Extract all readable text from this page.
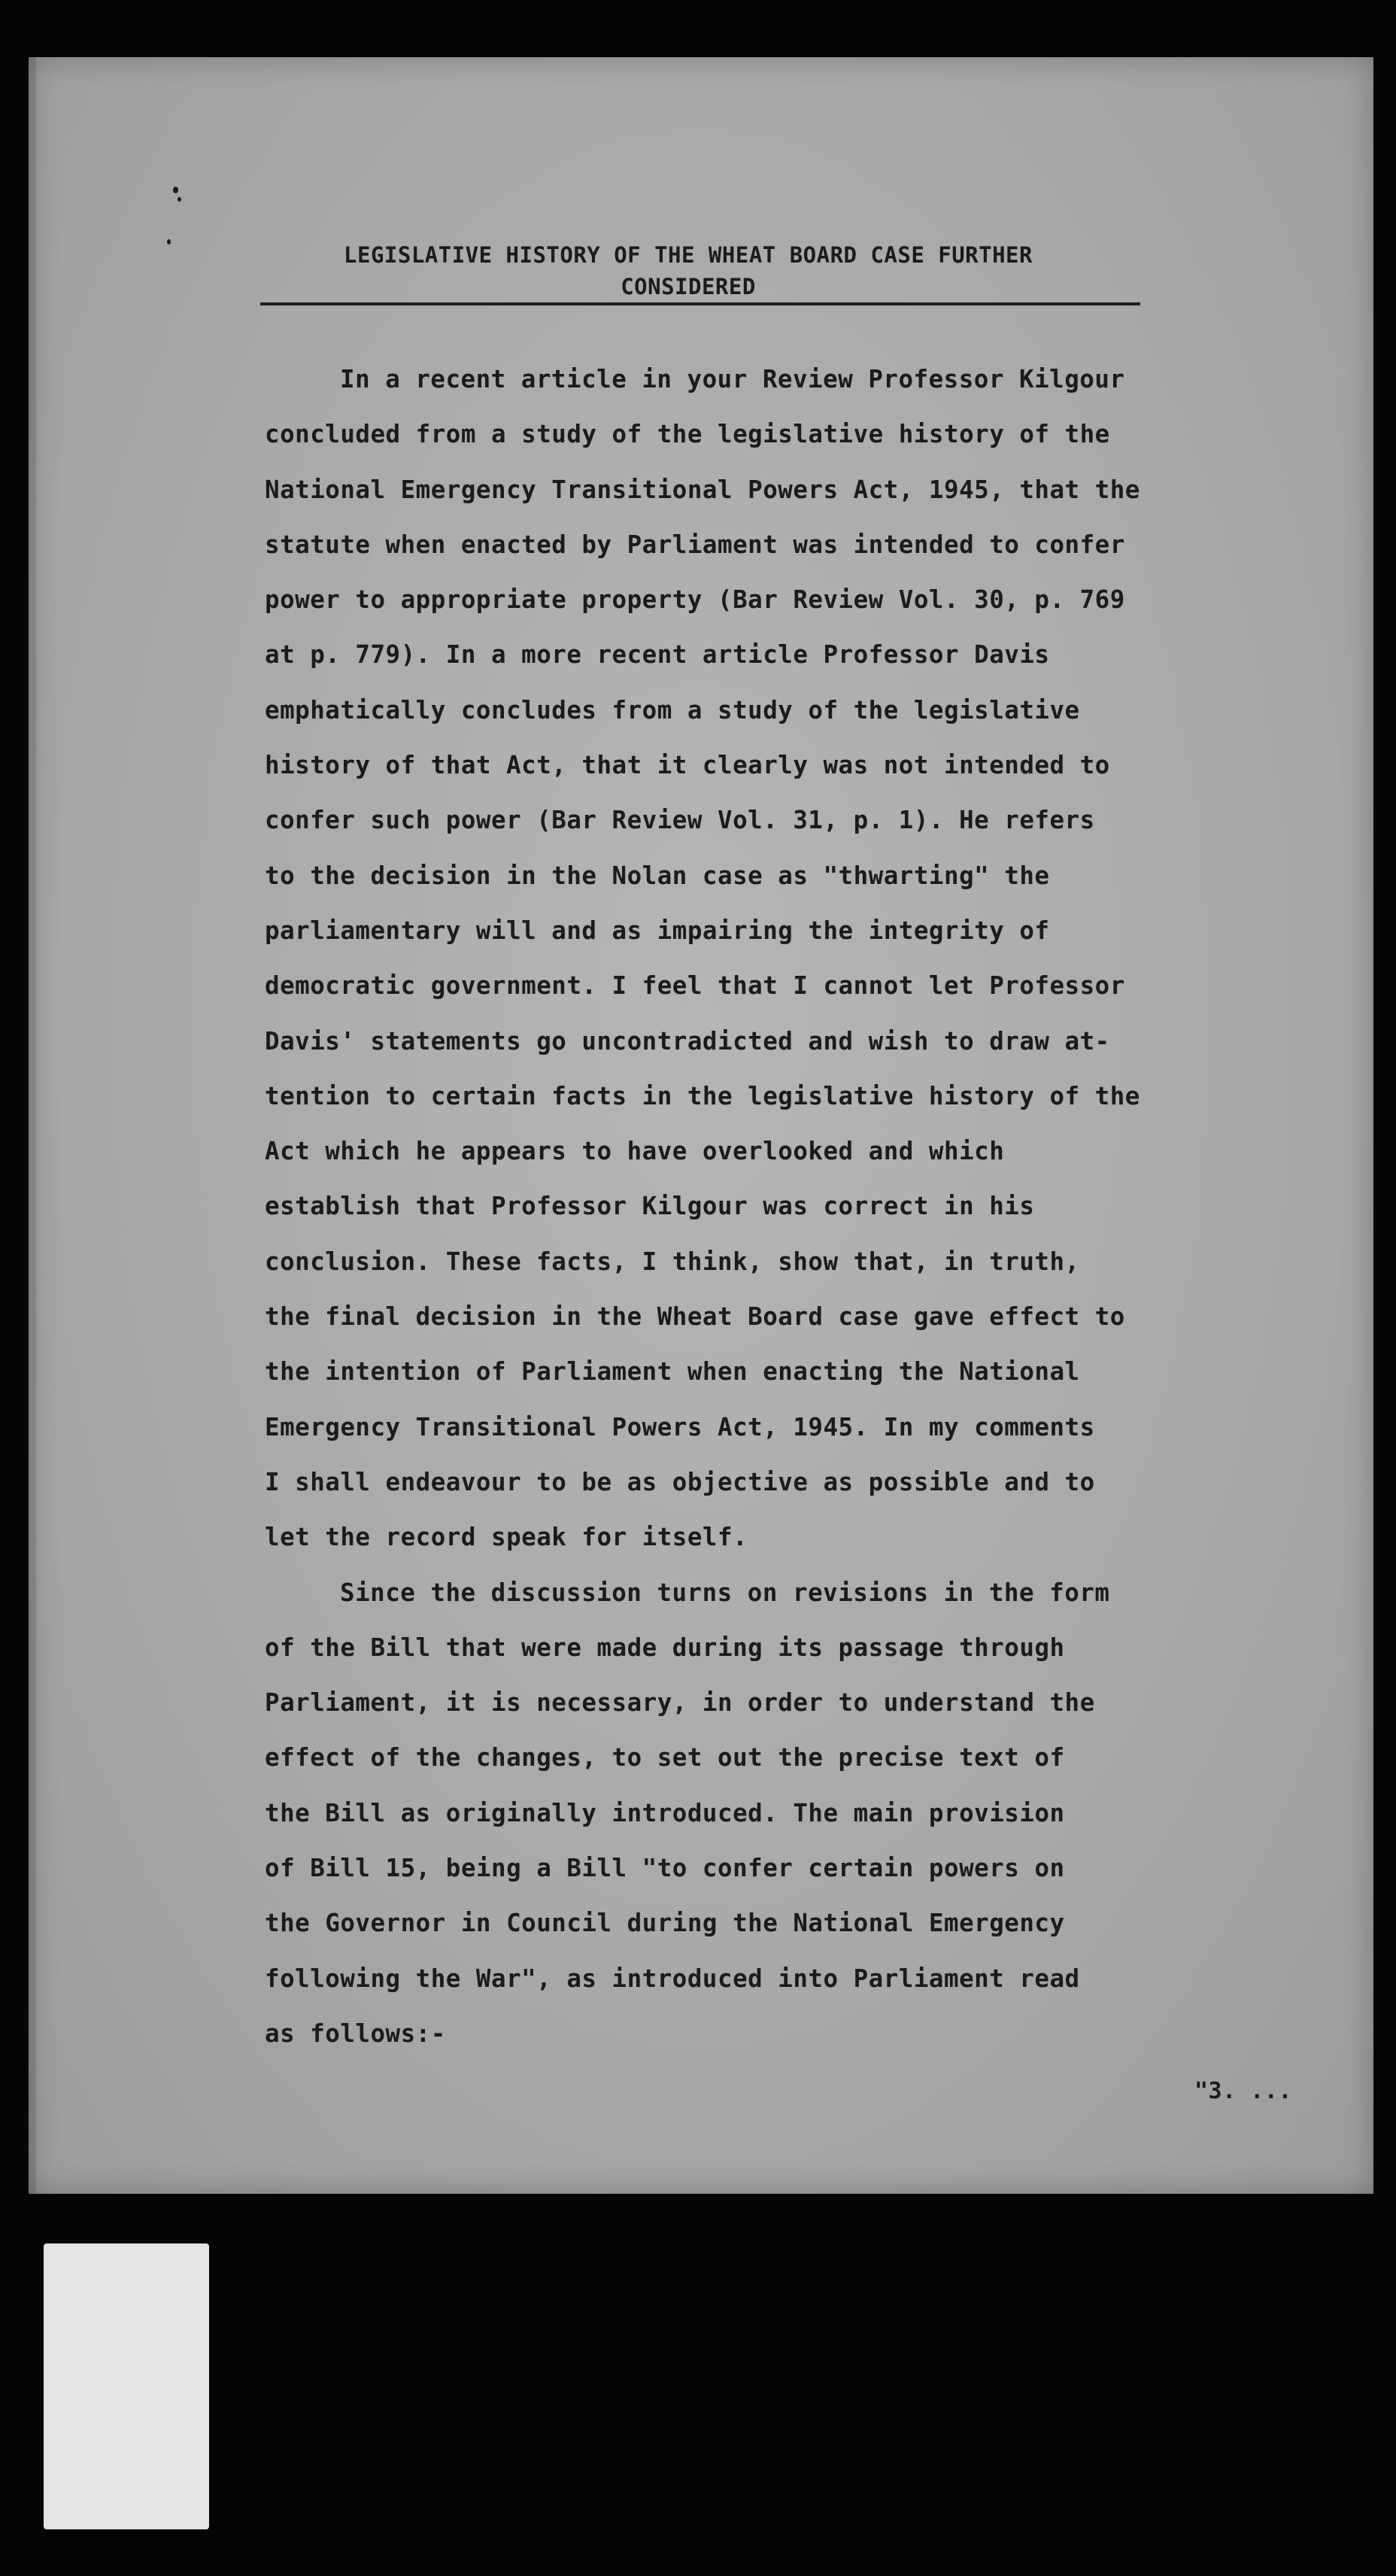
LEGISLATIVE HISTORY OF THE WHEAT BOARD CASE FURTHER
CONSIDERED
In a recent article in your Review Professor Kilgour
concluded from a study of the legislative history of the
National Emergency Transitional Powers Act, 1945, that the
statute when enacted by Parliament was intended to confer
power to appropriate property (Bar Review Vol. 30, p. 769
at p. 779). In a more recent article Professor Davis
emphatically concludes from a study of the legislative
history of that Act, that it clearly was not intended to
confer such power (Bar Review Vol. 31, p. 1). He refers
to the decision in the Nolan case as "thwarting" the
parliamentary will and as impairing the integrity of
democratic government. I feel that I cannot let Professor
Davis' statements go uncontradicted and wish to draw at-
tention to certain facts in the legislative history of the
Act which he appears to have overlooked and which
establish that Professor Kilgour was correct in his
conclusion. These facts, I think, show that, in truth,
the final decision in the Wheat Board case gave effect to
the intention of Parliament when enacting the National
Emergency Transitional Powers Act, 1945. In my comments
I shall endeavour to be as objective as possible and to
let the record speak for itself.
Since the discussion turns on revisions in the form
of the Bill that were made during its passage through
Parliament, it is necessary, in order to understand the
effect of the changes, to set out the precise text of
the Bill as originally introduced. The main provision
of Bill 15, being a Bill "to confer certain powers on
the Governor in Council during the National Emergency
following the War", as introduced into Parliament read
as follows:-
"3. ...
